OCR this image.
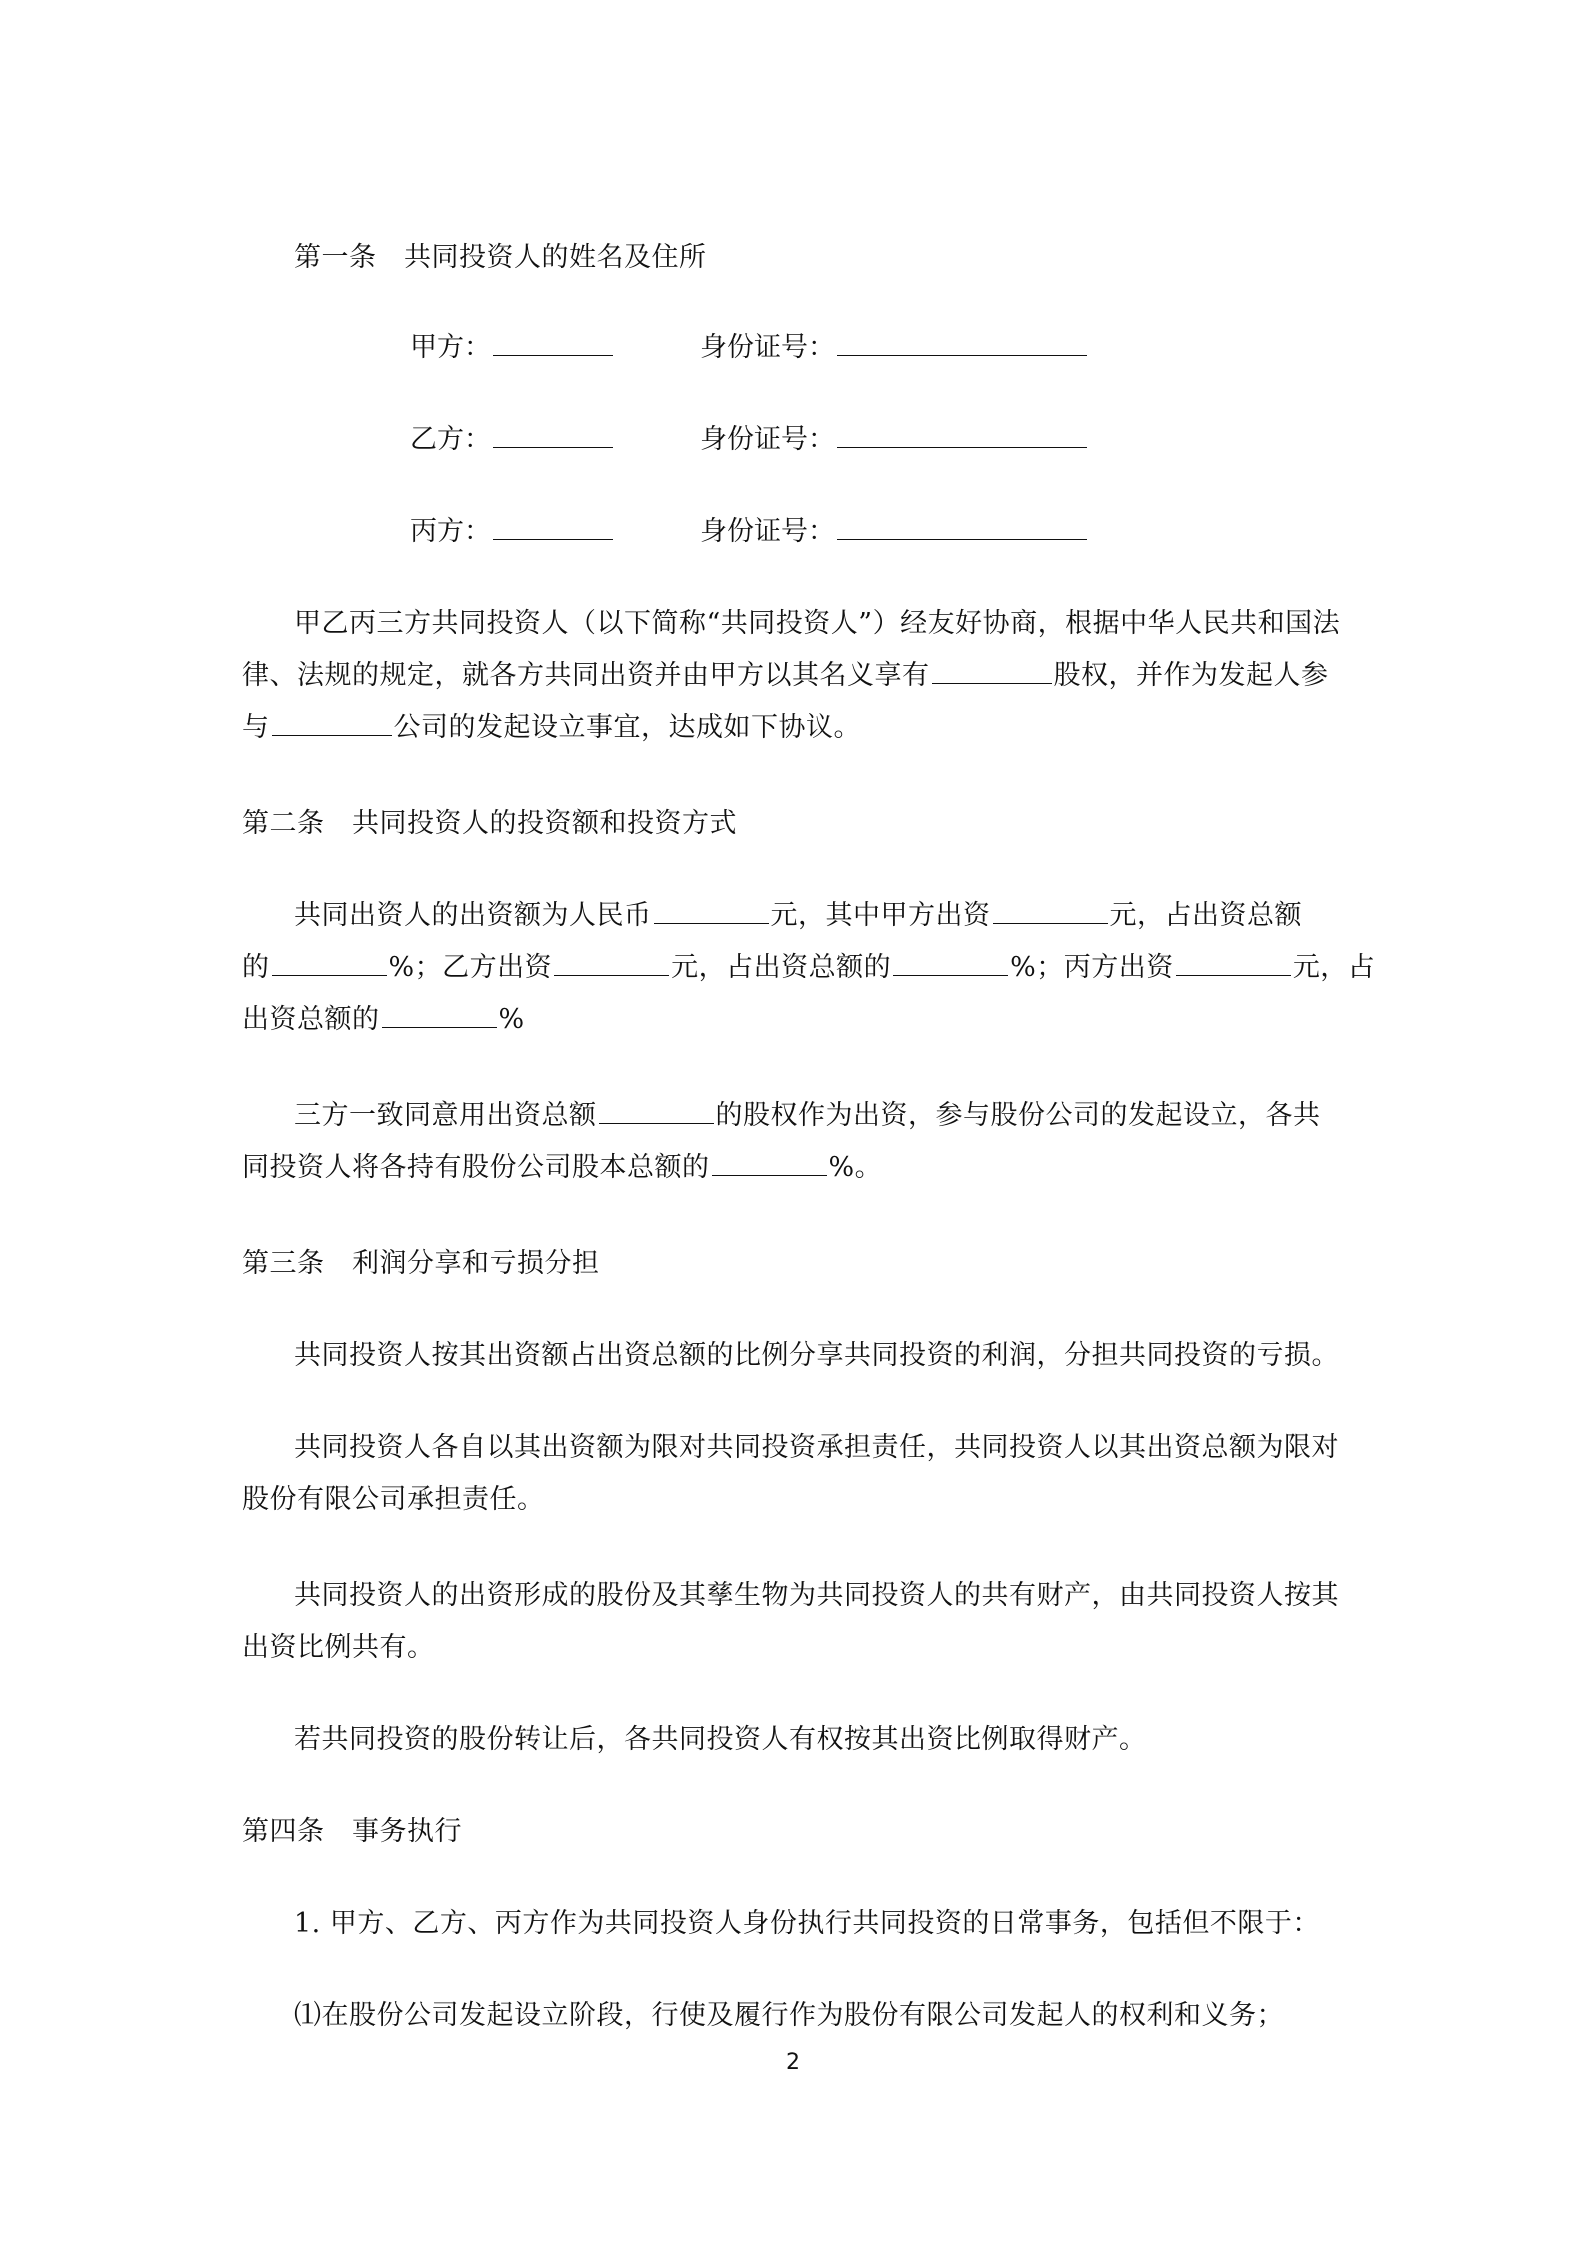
第一条　共同投资人的姓名及住所
甲方：	身份证号：
乙方：	身份证号：
丙方：	身份证号：
甲乙丙三方共同投资人（以下简称“共同投资人”）经友好协商，根据中华人民共和国法
律、法规的规定，就各方共同出资并由甲方以其名义享有	股权，并作为发起人参
与	公司的发起设立事宜，达成如下协议。
第二条　共同投资人的投资额和投资方式
共同出资人的出资额为人民币	元，其中甲方出资	元，占出资总额
的	%；乙方出资	元，占出资总额的	%；丙方出资	元，占
出资总额的	%
三方一致同意用出资总额	的股权作为出资，参与股份公司的发起设立，各共
同投资人将各持有股份公司股本总额的	%。
第三条　利润分享和亏损分担
共同投资人按其出资额占出资总额的比例分享共同投资的利润，分担共同投资的亏损。
共同投资人各自以其出资额为限对共同投资承担责任，共同投资人以其出资总额为限对
股份有限公司承担责任。
共同投资人的出资形成的股份及其孳生物为共同投资人的共有财产，由共同投资人按其
出资比例共有。
若共同投资的股份转让后，各共同投资人有权按其出资比例取得财产。
第四条　事务执行
1. 甲方、乙方、丙方作为共同投资人身份执行共同投资的日常事务，包括但不限于：
⑴在股份公司发起设立阶段，行使及履行作为股份有限公司发起人的权利和义务；
2
